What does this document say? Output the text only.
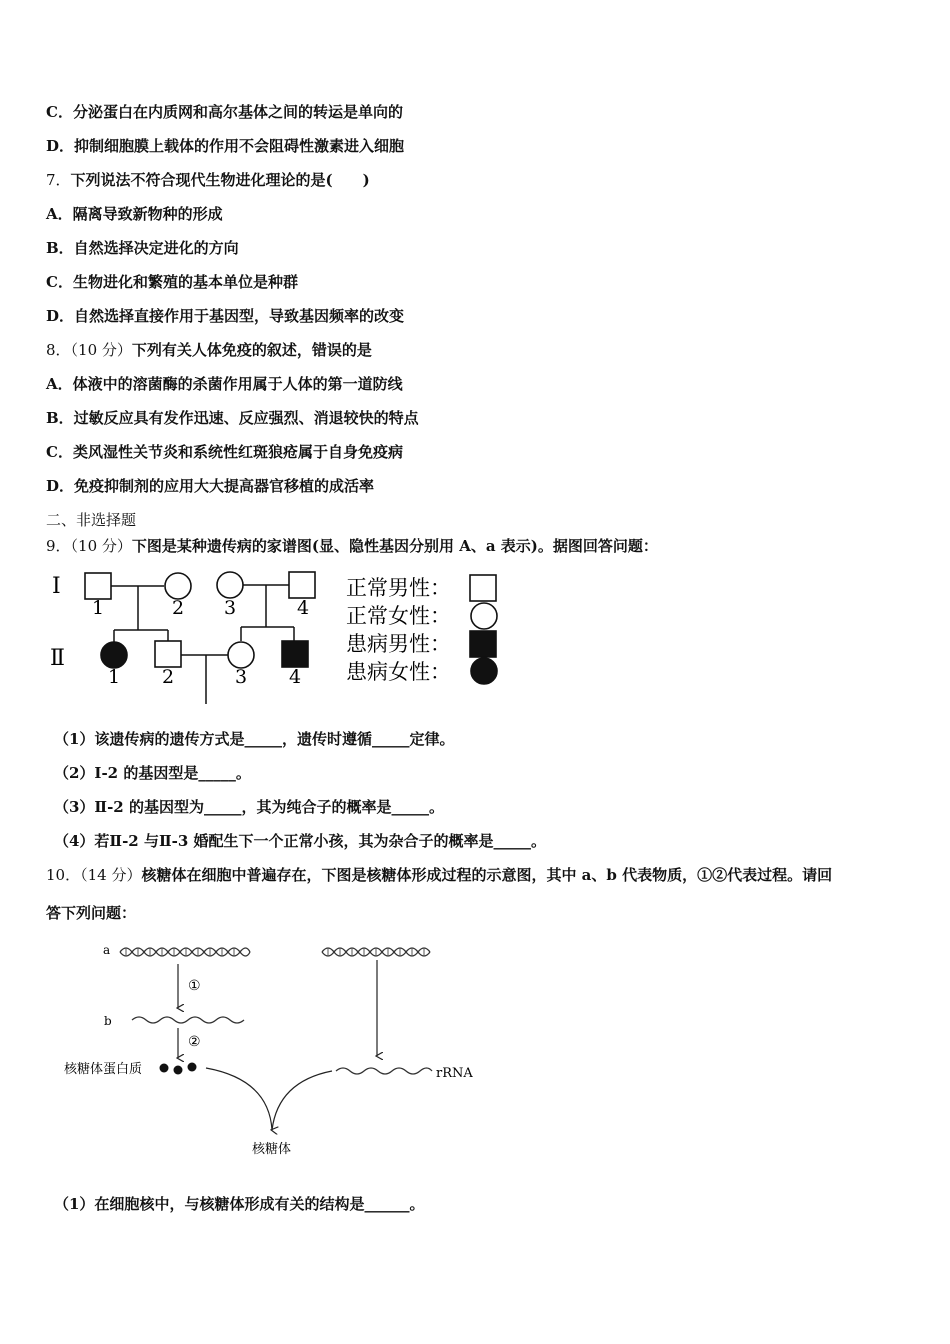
C．分泌蛋白在内质网和高尔基体之间的转运是单向的
D．抑制细胞膜上载体的作用不会阻碍性激素进入细胞
7．下列说法不符合现代生物进化理论的是(　　)
A．隔离导致新物种的形成
B．自然选择决定进化的方向
C．生物进化和繁殖的基本单位是种群
D．自然选择直接作用于基因型，导致基因频率的改变
8．（10 分）下列有关人体免疫的叙述，错误的是
A．体液中的溶菌酶的杀菌作用属于人体的第一道防线
B．过敏反应具有发作迅速、反应强烈、消退较快的特点
C．类风湿性关节炎和系统性红斑狼疮属于自身免疫病
D．免疫抑制剂的应用大大提高器官移植的成活率
二、非选择题
9．（10 分）下图是某种遗传病的家谱图(显、隐性基因分别用 A、a 表示)。据图回答问题：
Ⅰ
Ⅱ
1	2 3	4
1 2	3 4
正常男性：
正常女性：
患病男性：
患病女性：
（1）该遗传病的遗传方式是_____，遗传时遵循_____定律。
（2）Ⅰ-2 的基因型是_____。
（3）Ⅱ-2 的基因型为_____，其为纯合子的概率是_____。
（4）若Ⅱ-2 与Ⅱ-3 婚配生下一个正常小孩，其为杂合子的概率是_____。
10．（14 分）核糖体在细胞中普遍存在，下图是核糖体形成过程的示意图，其中 a、b 代表物质，①②代表过程。请回
答下列问题：
a
①
b
②
核糖体蛋白质	rRNA
核糖体
（1）在细胞核中，与核糖体形成有关的结构是______。
